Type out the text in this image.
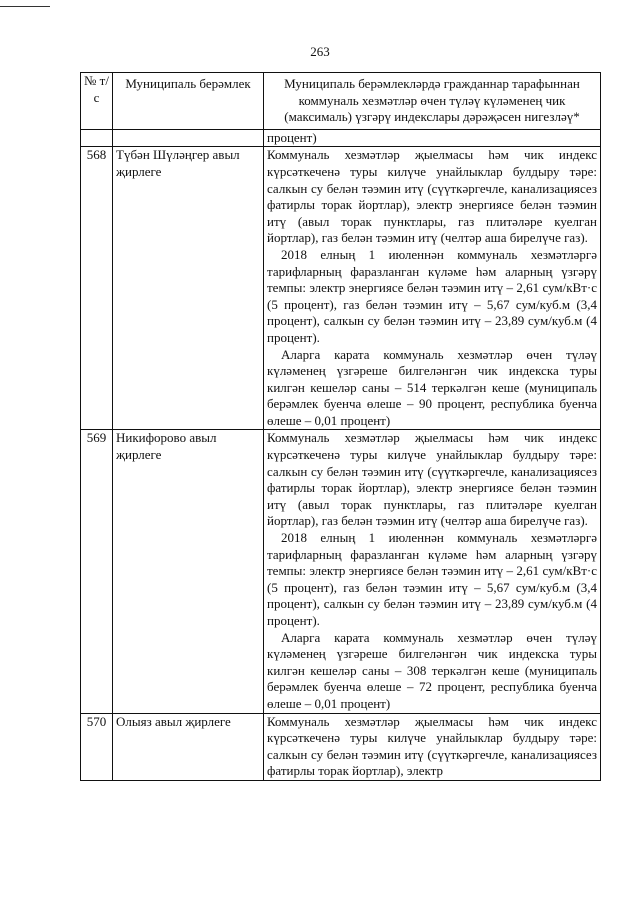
263
№ т/с	Муниципаль берәмлек	Муниципаль берәмлекләрдә гражданнар тарафыннан коммуналь хезмәтләр өчен түләү күләменең чик (максималь) үзгәрү индекслары дәрәҗәсен нигезләү*
		процент)
568	Түбән Шүләңгер авыл җирлеге	Коммуналь хезмәтләр җыелмасы һәм чик индекс күрсәткеченә туры килүче унайлыклар булдыру тәре: салкын су белән тәэмин итү (сүүткәргечле, канализациясез фатирлы торак йортлар), электр энергиясе белән тәэмин итү (авыл торак пунктлары, газ плитәләре куелган йортлар), газ белән тәэмин итү (челтәр аша бирелүче газ).
2018 елның 1 июленнән коммуналь хезмәтләргә тарифларның фаразланган күләме һәм аларның үзгәрү темпы: электр энергиясе белән тәэмин итү – 2,61 сум/кВт·с (5 процент), газ белән тәэмин итү – 5,67 сум/куб.м (3,4 процент), салкын су белән тәэмин итү – 23,89 сум/куб.м (4 процент).
Аларга карата коммуналь хезмәтләр өчен түләү күләменең үзгәреше билгеләнгән чик индекска туры килгән кешеләр саны – 514 теркәлгән кеше (муниципаль берәмлек буенча өлеше – 90 процент, республика буенча өлеше – 0,01 процент)

569	Никифорово авыл җирлеге	Коммуналь хезмәтләр җыелмасы һәм чик индекс күрсәткеченә туры килүче унайлыклар булдыру тәре: салкын су белән тәэмин итү (сүүткәргечле, канализациясез фатирлы торак йортлар), электр энергиясе белән тәэмин итү (авыл торак пунктлары, газ плитәләре куелган йортлар), газ белән тәэмин итү (челтәр аша бирелүче газ).
2018 елның 1 июленнән коммуналь хезмәтләргә тарифларның фаразланган күләме һәм аларның үзгәрү темпы: электр энергиясе белән тәэмин итү – 2,61 сум/кВт·с (5 процент), газ белән тәэмин итү – 5,67 сум/куб.м (3,4 процент), салкын су белән тәэмин итү – 23,89 сум/куб.м (4 процент).
Аларга карата коммуналь хезмәтләр өчен түләү күләменең үзгәреше билгеләнгән чик индекска туры килгән кешеләр саны – 308 теркәлгән кеше (муниципаль берәмлек буенча өлеше – 72 процент, республика буенча өлеше – 0,01 процент)

570	Олыяз авыл җирлеге	Коммуналь хезмәтләр җыелмасы һәм чик индекс күрсәткеченә туры килүче унайлыклар булдыру тәре: салкын су белән тәэмин итү (сүүткәргечле, канализациясез фатирлы торак йортлар), электр
